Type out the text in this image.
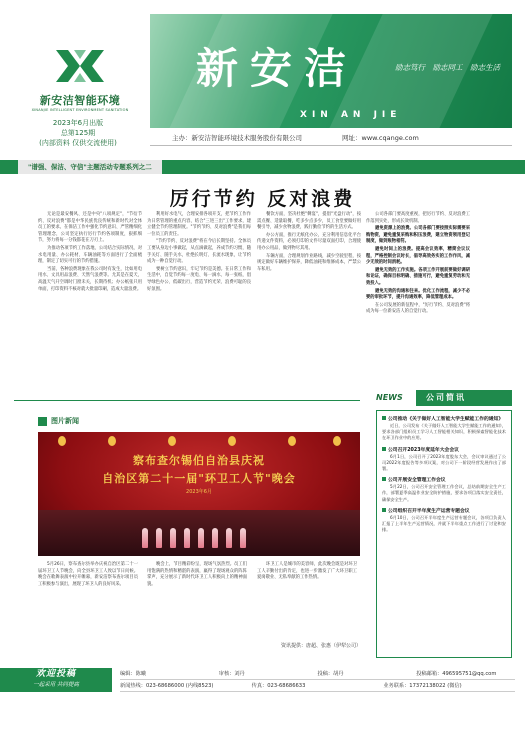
新安洁智能环境
XINANJIE INTELLIGENT ENVIRONMENT SANITATION
2023年6月出版
总第125期
(内部资料 仅供交流使用)
新安洁	励志笃行　励志同工　励志生活
XIN AN JIE
主办：新安洁智能环境技术服务股份有限公司	网址：www.cqange.com
"谱强、保洁、守信"主题活动专题系列之二
厉行节约 反对浪费

无论是最安餐风、还是中央"八项规定"，"节衍节约、反对浪费"都是中华民族优良传统和新时代对全体员工的要求。在保洁工作中强化节约意识、严管精细化管理理念，公司坚定执行厉行节约各项制度，狠抓细节，努力将每一分钱都花在刀刃上。

为推动各项节约工作落地，公司结合实际情况，对水电用量、办公耗材、车辆油耗等方面进行了全面梳理，制定了切实可行的节约措施。

当前，各种浪费现象在我公司时有发生，比如用电用水、文具用品浪费、天然气浪费等。尤其是在夏天，高温天气开空调时门窗未关，长期待机；办公纸张只用单面，打印资料不核对就大批量印刷，造成大量浪费。

利用好水电气，合理安排各项开支，把节约工作作为日常管理的重点内容，结合"三进三出"工作要求，建立健全节约管理制度。"节约节约、反对浪费"是我们每一位员工的责任。

"节约节约、反对浪费"将在今后长期坚持。全体员工要从身边小事做起，从点滴做起，养成节约习惯，随手关灯、随手关水，杜绝长明灯、长流水现象，让节约成为一种自觉行动。

要树立节约意识，牢记节约是美德。在日常工作和生活中，自觉节约每一度电、每一滴水、每一张纸，倡导绿色办公、低碳出行，营造节约光荣、浪费可耻的良好氛围。

餐饮方面，坚决杜绝"剩宴"，提倡"光盘行动"，按需点餐、适量取餐，吃多少点多少，员工食堂要做好用餐引导，减少食物浪费，践行勤俭节约的生活方式。

办公方面，推行无纸化办公，充分利用信息化平台传递文件资料，必须打印的文件尽量双面打印，合理使用办公用品，做到物尽其用。

车辆方面，合理规划作业路线，减少空驶里程，按规定做好车辆维护保养，降低油耗和维修成本，严禁公车私用。

公司各部门要高度重视，把厉行节约、反对浪费工作落到实处，形成长效机制。

避免资源上的浪费。公司各部门要按照实际需要采购物资，避免重复采购和积压浪费，建立物资领用登记制度，做到账物相符。

避免时间上的浪费。提高会议效率，精简会议议程，严格控制会议时长，倡导高效务实的工作作风，减少无效的时间消耗。

避免无效的工作实施。各项工作开展前要做好调研和论证，确保目标明确、措施可行，避免重复劳动和无效投入。

避免无效的沟通和往来。优化工作流程，减少不必要的审批环节，提升沟通效率，降低管理成本。

在公司发展的新征程中，"厉行节约、反对浪费"将成为每一位新安洁人的自觉行动。

图片新闻
察布查尔锡伯自治县庆祝
自治区第二十一届"环卫工人节"晚会
2023年6月

5月26日，察布查尔县举办庆祝自治区第二十一届环卫工人节晚会，向全县环卫工人致以节日问候。晚会在歌舞表演中拉开帷幕，新安洁察布查尔项目员工积极参与演出，展现了环卫人的良好风采。

晚会上，节目精彩纷呈，现场气氛热烈。员工们用饱满的热情和精湛的表演，赢得了现场观众的阵阵掌声，充分展示了新时代环卫工人积极向上的精神面貌。

环卫工人是城市的美容师，此次晚会既是对环卫工人辛勤付出的肯定，也进一步激发了广大环卫职工爱岗敬业、无私奉献的工作热情。

资讯提供：唐超、张惠（伊犁公司）
NEWS	公司简讯
公司推动《关于做好人工智能大学生赋能工作的通知》
近日，公司发布《关于做好人工智能大学生赋能工作的通知》，要求各部门组织员工学习人工智能相关知识，积极探索智能化技术在环卫作业中的应用。
公司召开2023年度延年大会会议
6月1日，公司召开了2023年度股东大会，会议审议通过了公司2022年度报告等多项议案，对公司下一阶段经营发展作出了部署。
公司开展安全管理工作会议
5月22日，公司召开安全管理工作会议，总结前期安全生产工作，部署夏季高温作业安全防护措施，要求各项目落实安全责任，确保安全生产。
公司组织召开半年度生产运营专题会议
6月10日，公司召开半年度生产运营专题会议，各项目负责人汇报了上半年生产运营情况，并就下半年重点工作进行了讨论和安排。
欢迎投稿
一起采用 共同提高
编辑：陈曦	审核：刘丹	投稿：胡丹	投稿邮箱：496595751@qq.com
新闻热线：023-68686000 (内线8523)	传真：023-68686633	业务联系：17372138022 (微信)
